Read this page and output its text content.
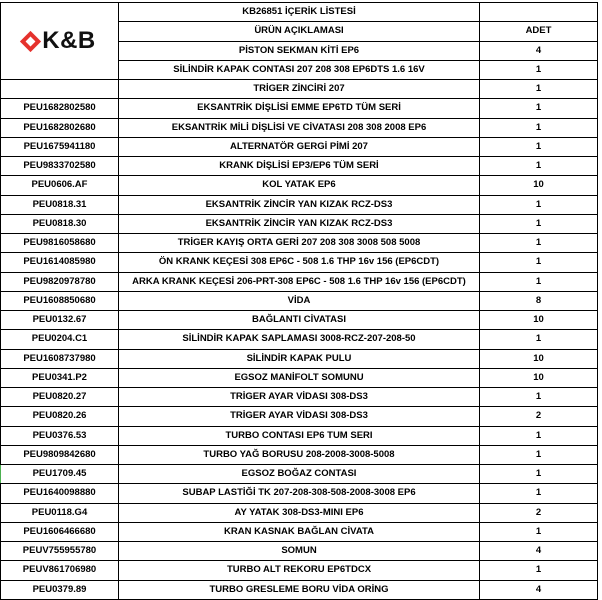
K&B	KB26851 İÇERİK LİSTESİ	
	ÜRÜN AÇIKLAMASI	ADET
	PİSTON SEKMAN KİTİ EP6	4
	SİLİNDİR KAPAK CONTASI 207 208 308 EP6DTS 1.6 16V	1
	TRİGER ZİNCİRİ 207	1
PEU1682802580	EKSANTRİK DİŞLİSİ EMME EP6TD TÜM SERİ	1
PEU1682802680	EKSANTRİK MİLİ DİŞLİSİ VE CİVATASI 208 308 2008 EP6	1
PEU1675941180	ALTERNATÖR GERGİ PİMİ 207	1
PEU9833702580	KRANK DİŞLİSİ EP3/EP6 TÜM SERİ	1
PEU0606.AF	KOL YATAK EP6	10
PEU0818.31	EKSANTRİK ZİNCİR YAN KIZAK RCZ-DS3	1
PEU0818.30	EKSANTRİK ZİNCİR YAN KIZAK RCZ-DS3	1
PEU9816058680	TRİGER KAYIŞ ORTA GERİ 207 208 308 3008 508 5008	1
PEU1614085980	ÖN KRANK KEÇESİ 308 EP6C - 508 1.6 THP 16v 156 (EP6CDT)	1
PEU9820978780	ARKA KRANK KEÇESİ 206-PRT-308 EP6C - 508 1.6 THP 16v 156 (EP6CDT)	1
PEU1608850680	VİDA	8
PEU0132.67	BAĞLANTI CİVATASI	10
PEU0204.C1	SİLİNDİR KAPAK SAPLAMASI 3008-RCZ-207-208-50	1
PEU1608737980	SİLİNDİR KAPAK PULU	10
PEU0341.P2	EGSOZ MANİFOLT SOMUNU	10
PEU0820.27	TRİGER AYAR VİDASI 308-DS3	1
PEU0820.26	TRİGER AYAR VİDASI 308-DS3	2
PEU0376.53	TURBO CONTASI EP6 TUM SERI	1
PEU9809842680	TURBO YAĞ BORUSU 208-2008-3008-5008	1
PEU1709.45	EGSOZ BOĞAZ CONTASI	1
PEU1640098880	SUBAP LASTİĞİ TK 207-208-308-508-2008-3008 EP6	1
PEU0118.G4	AY YATAK 308-DS3-MINI EP6	2
PEU1606466680	KRAN KASNAK BAĞLAN CİVATA	1
PEUV755955780	SOMUN	4
PEUV861706980	TURBO ALT REKORU EP6TDCX	1
PEU0379.89	TURBO GRESLEME BORU VİDA ORİNG	4
